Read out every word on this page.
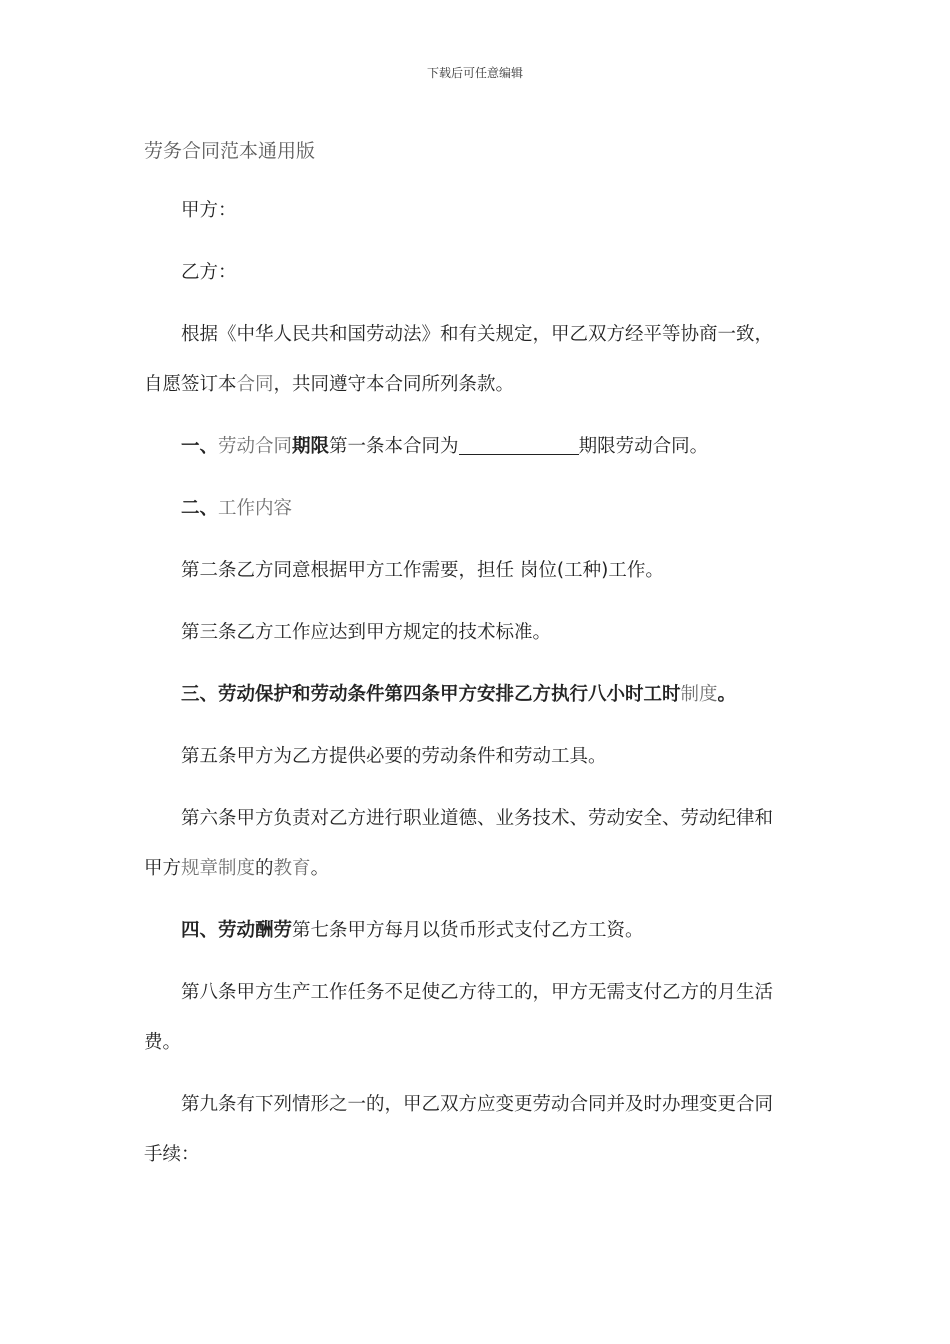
下载后可任意编辑
劳务合同范本通用版
甲方：
乙方：
根据《中华人民共和国劳动法》和有关规定，甲乙双方经平等协商一致，
自愿签订本合同，共同遵守本合同所列条款。
一、劳动合同期限第一条本合同为	期限劳动合同。
二、工作内容
第二条乙方同意根据甲方工作需要，担任 岗位(工种)工作。
第三条乙方工作应达到甲方规定的技术标准。
三、劳动保护和劳动条件第四条甲方安排乙方执行八小时工时制度。
第五条甲方为乙方提供必要的劳动条件和劳动工具。
第六条甲方负责对乙方进行职业道德、业务技术、劳动安全、劳动纪律和
甲方规章制度的教育。
四、劳动酬劳第七条甲方每月以货币形式支付乙方工资。
第八条甲方生产工作任务不足使乙方待工的，甲方无需支付乙方的月生活
费。
第九条有下列情形之一的，甲乙双方应变更劳动合同并及时办理变更合同
手续：
